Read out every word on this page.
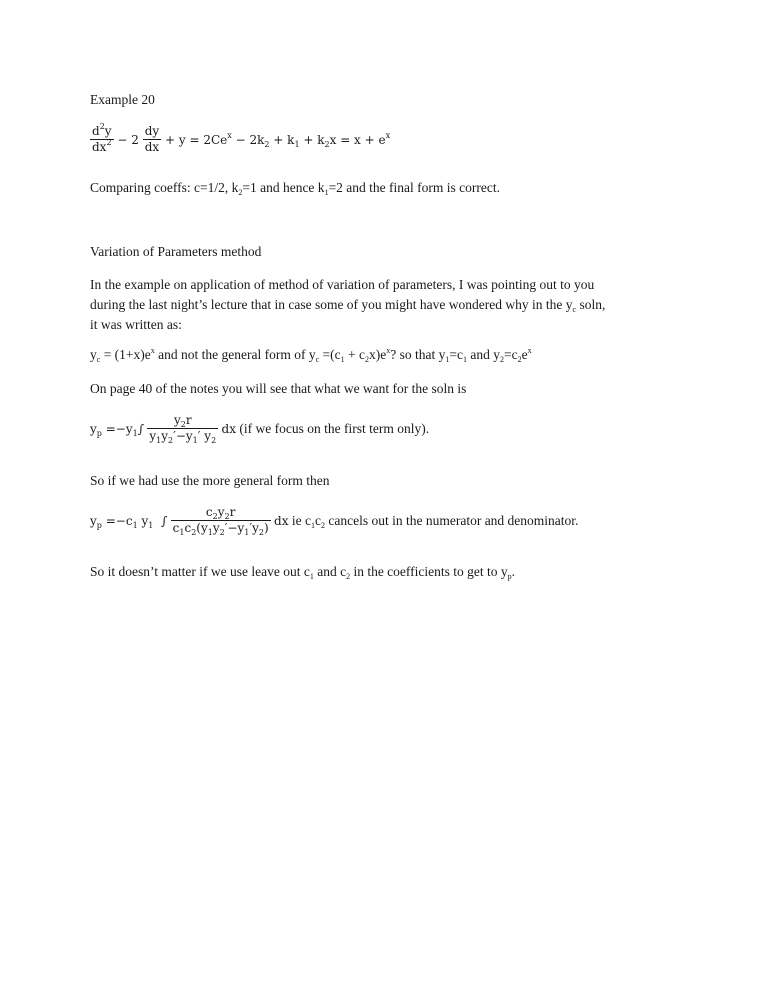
Example 20
$\frac{d^2y}{dx^2} - 2 \frac{dy}{dx} + y = 2Ce^x - 2k_2 + k_1 + k_2x = x + e^x$
Comparing coeffs: c=1/2, $k_2=1$ and hence $k_1=2$ and the final form is correct.
Variation of Parameters method
In the example on application of method of variation of parameters, I was pointing out to you
during the last night’s lecture that in case some of you might have wondered why in the $y_c$ soln,
it was written as:
$y_c = (1+x)e^x$ and not the general form of $y_c =(c_1 + c_2x)e^x$? so that $y_1=c_1$ and $y_2=c_2e^x$
On page 40 of the notes you will see that what we want for the soln is
$y_p =-y_1\int \frac{y_2r}{y_1y_2'-y_1' y_2}$ dx (if we focus on the first term only).
So if we had use the more general form then
$y_p =-c_1$ $y_1$ ∫ $\frac{c_2y_2r}{c_1c_2(y_1y_2'-y_1'y_2)}$ dx ie $c_1c_2$ cancels out in the numerator and denominator.
So it doesn’t matter if we use leave out $c_1$ and $c_2$ in the coefficients to get to $y_p$.
